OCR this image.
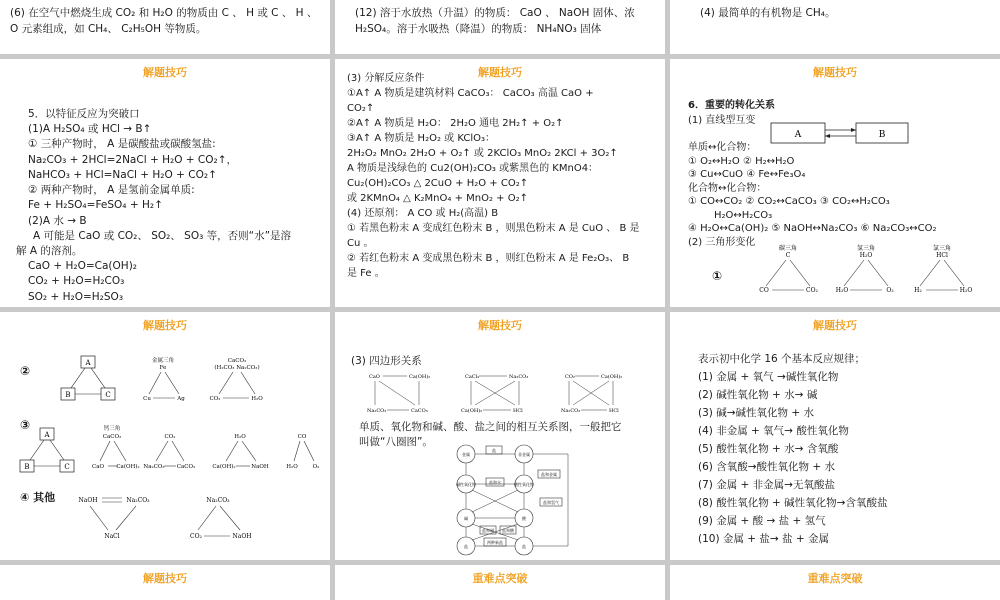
(6) 在空气中燃烧生成 CO₂ 和 H₂O 的物质由 C 、 H 或 C 、 H 、
O 元素组成，如 CH₄、 C₂H₅OH 等物质。
(12) 溶于水放热（升温）的物质： CaO 、 NaOH 固体、浓
H₂SO₄。溶于水吸热（降温）的物质： NH₄NO₃ 固体
(4) 最简单的有机物是 CH₄。
解题技巧
5．以特征反应为突破口
(1)A H₂SO₄ 或 HCl → B↑
① 三种产物时， A 是碳酸盐或碳酸氢盐:
Na₂CO₃ + 2HCl=2NaCl + H₂O + CO₂↑，
NaHCO₃ + HCl=NaCl + H₂O + CO₂↑
② 两种产物时， A 是氢前金属单质:
Fe + H₂SO₄=FeSO₄ + H₂↑
(2)A 水 → B
A 可能是 CaO 或 CO₂、 SO₂、 SO₃ 等，否则“水”是溶
解 A 的溶剂。
CaO + H₂O=Ca(OH)₂
CO₂ + H₂O=H₂CO₃
SO₂ + H₂O=H₂SO₃
解题技巧
(3) 分解反应条件
①A↑ A 物质是建筑材料 CaCO₃： CaCO₃ 高温 CaO +
CO₂↑
②A↑ A 物质是 H₂O： 2H₂O 通电 2H₂↑ + O₂↑
③A↑ A 物质是 H₂O₂ 或 KClO₃：
2H₂O₂ MnO₂ 2H₂O + O₂↑ 或 2KClO₃ MnO₂ 2KCl + 3O₂↑
A 物质是浅绿色的 Cu2(OH)₂CO₃ 或紫黑色的 KMnO4：
Cu₂(OH)₂CO₃ △ 2CuO + H₂O + CO₂↑
或 2KMnO₄ △ K₂MnO₄ + MnO₂ + O₂↑
(4) 还原剂： A CO 或 H₂(高温) B
① 若黑色粉末 A 变成红色粉末 B ，则黑色粉末 A 是 CuO 、 B 是
Cu 。
② 若红色粉末 A 变成黑色粉末 B ，则红色粉末 A 是 Fe₂O₃、 B
是 Fe 。
解题技巧
6．重要的转化关系
(1) 直线型互变
A	B
单质↔化合物：
① O₂↔H₂O ② H₂↔H₂O
③ Cu↔CuO ④ Fe↔Fe₃O₄
化合物↔化合物：
① CO↔CO₂ ② CO₂↔CaCO₃ ③ CO₂↔H₂CO₃
H₂O↔H₂CO₃
④ H₂O↔Ca(OH)₂ ⑤ NaOH↔Na₂CO₃ ⑥ Na₂CO₃↔CO₂
(2) 三角形变化
①
碳三角
C
CO	CO₂
氢三角
H₂O
H₂O	O₂
氯三角
HCl
H₂	H₂O
解题技巧
②
③
④ 其他
A
B	C
金属三角
Fe
Cu	Ag
CaCO₃
(H₂CO₃ Na₂CO₃)
CO₂	H₂O
A
B	C
钙三角
CaCO₃
CaO Ca(OH)₂
CO₂
Na₂CO₃ CaCO₃
H₂O
Ca(OH)₂	NaOH
CO
H₂O	O₂
NaOH	Na₂CO₃
NaCl
Na₂CO₃
CO₂	NaOH
解题技巧
(3) 四边形关系
CaO	Ca(OH)₂
Na₂CO₃	CaCO₃
CaCl₂	Na₂CO₃
Ca(OH)₂	HCl
CO₂	Ca(OH)₂
Na₂CO₃	HCl
单质、氧化物和碱、酸、盐之间的相互关系图，一般把它
叫做“八圈图”。
金属	非金属
碱性氧化物	酸性氧化物
碱	酸
盐	盐
盐
盐和水
盐和金属
盐和氢气
盐和碱 盐和酸
两种新盐
解题技巧
表示初中化学 16 个基本反应规律；
(1) 金属 + 氧气 →碱性氧化物
(2) 碱性氧化物 + 水→ 碱
(3) 碱→碱性氧化物 + 水
(4) 非金属 + 氧气→ 酸性氧化物
(5) 酸性氧化物 + 水→ 含氧酸
(6) 含氧酸→酸性氧化物 + 水
(7) 金属 + 非金属→无氧酸盐
(8) 酸性氧化物 + 碱性氧化物→含氧酸盐
(9) 金属 + 酸 → 盐 + 氢气
(10) 金属 + 盐→ 盐 + 金属
解题技巧	重难点突破	重难点突破
